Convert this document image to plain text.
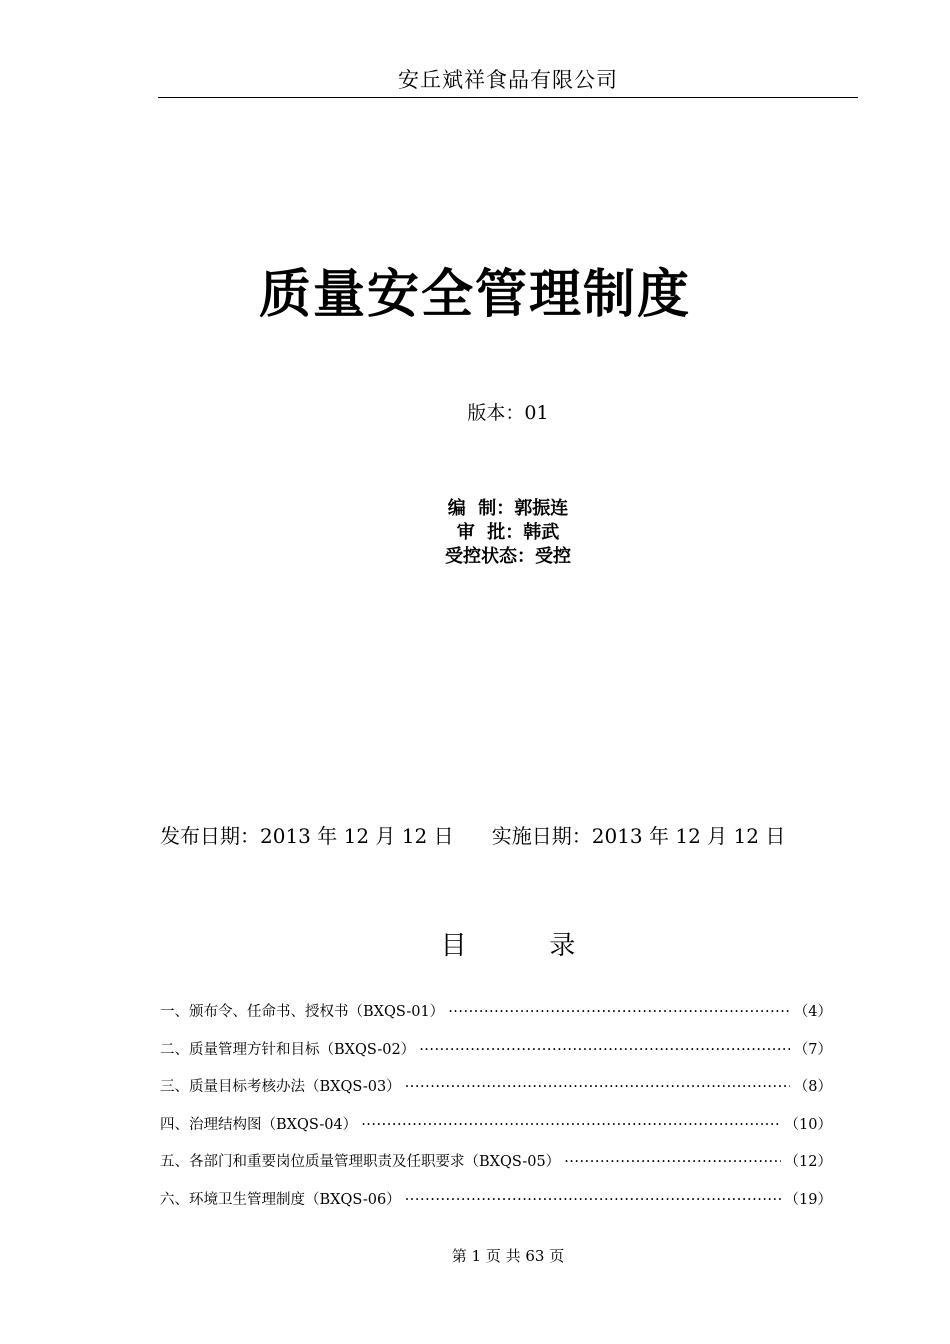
安丘斌祥食品有限公司
质量安全管理制度
版本：01
编  制：郭振连
审  批：韩武
受控状态：受控
发布日期：2013 年 12 月 12 日 实施日期：2013 年 12 月 12 日
目          录
一、颁布令、任命书、授权书（BXQS-01） ·····	（4）
二、质量管理方针和目标（BXQS-02） ·····	（7）
三、质量目标考核办法（BXQS-03） ·····	（8）
四、治理结构图（BXQS-04） ·····	（10）
五、各部门和重要岗位质量管理职责及任职要求（BXQS-05） ·····	（12）
六、环境卫生管理制度（BXQS-06） ·····	（19）
第 1 页 共 63 页
